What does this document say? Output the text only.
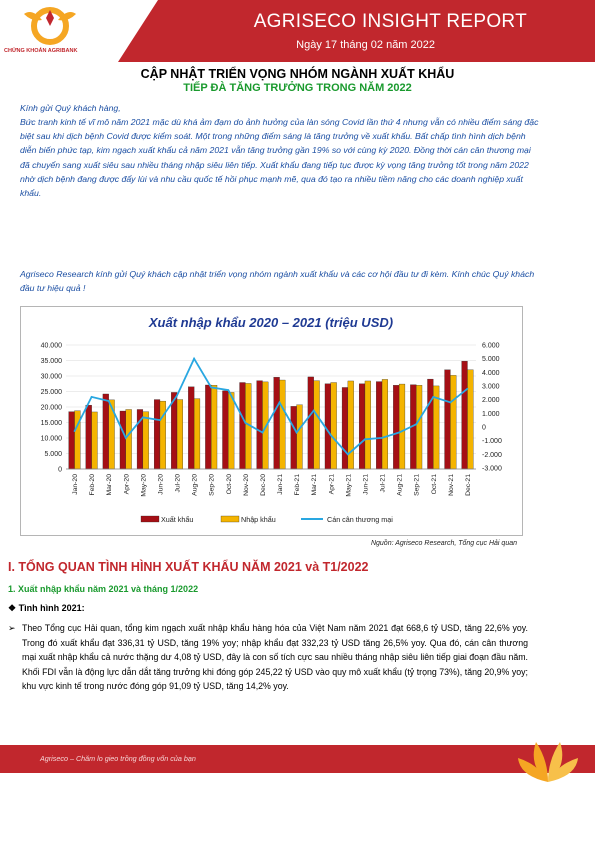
CHỨNG KHOÁN AGRIBANK
AGRISECO INSIGHT REPORT
Ngày 17 tháng 02 năm 2022
CẬP NHẬT TRIỂN VỌNG NHÓM NGÀNH XUẤT KHẨU
TIẾP ĐÀ TĂNG TRƯỞNG TRONG NĂM 2022
Kính gửi Quý khách hàng,
Bức tranh kinh tế vĩ mô năm 2021 mặc dù khá ảm đạm do ảnh hưởng của làn sóng Covid lần thứ 4 nhưng vẫn có nhiều điểm sáng đặc biệt sau khi dịch bệnh Covid được kiểm soát. Một trong những điểm sáng là tăng trưởng về xuất khẩu. Bất chấp tình hình dịch bệnh diễn biến phức tạp, kim ngạch xuất khẩu cả năm 2021 vẫn tăng trưởng gần 19% so với cùng kỳ 2020. Đồng thời cán cân thương mại đã chuyển sang xuất siêu sau nhiều tháng nhập siêu liên tiếp. Xuất khẩu đang tiếp tục được kỳ vọng tăng trưởng tốt trong năm 2022 nhờ dịch bệnh đang được đẩy lùi và nhu cầu quốc tế hồi phục mạnh mẽ, qua đó tạo ra nhiều tiềm năng cho các doanh nghiệp xuất khẩu.
Agriseco Research kính gửi Quý khách cập nhật triển vọng nhóm ngành xuất khẩu và các cơ hội đầu tư đi kèm. Kính chúc Quý khách đầu tư hiệu quả !
Xuất nhập khẩu 2020 – 2021 (triệu USD)
0
5.000
10.000
15.000
20.000
25.000
30.000
35.000
40.000
-3.000
-2.000
-1.000
0
1.000
2.000
3.000
4.000
5.000
6.000
Jan-20 Feb-20 Mar-20 Apr-20 May-20 Jun-20 Jul-20 Aug-20 Sep-20 Oct-20 Nov-20 Dec-20 Jan-21 Feb-21 Mar-21 Apr-21 May-21 Jun-21 Jul-21 Aug-21 Sep-21 Oct-21 Nov-21 Dec-21
Xuất khẩu	Nhập khẩu	Cán cân thương mại
Nguồn: Agriseco Research, Tổng cục Hải quan
I. TỔNG QUAN TÌNH HÌNH XUẤT KHẨU NĂM 2021 và T1/2022
1. Xuất nhập khẩu năm 2021 và tháng 1/2022
❖ Tình hình 2021:
➢ Theo Tổng cục Hải quan, tổng kim ngạch xuất nhập khẩu hàng hóa của Việt Nam năm 2021 đạt 668,6 tỷ USD, tăng 22,6% yoy. Trong đó xuất khẩu đạt 336,31 tỷ USD, tăng 19% yoy; nhập khẩu đạt 332,23 tỷ USD tăng 26,5% yoy. Qua đó, cán cân thương mại xuất nhập khẩu cả nước thặng dư 4,08 tỷ USD, đây là con số tích cực sau nhiều tháng nhập siêu liên tiếp giai đoạn đầu năm. Khối FDI vẫn là động lực dẫn dắt tăng trưởng khi đóng góp 245,22 tỷ USD vào quy mô xuất khẩu (tỷ trọng 73%), tăng 20,9% yoy; khu vực kinh tế trong nước đóng góp 91,09 tỷ USD, tăng 14,2% yoy.
Agriseco – Chăm lo gieo trồng đồng vốn của bạn
